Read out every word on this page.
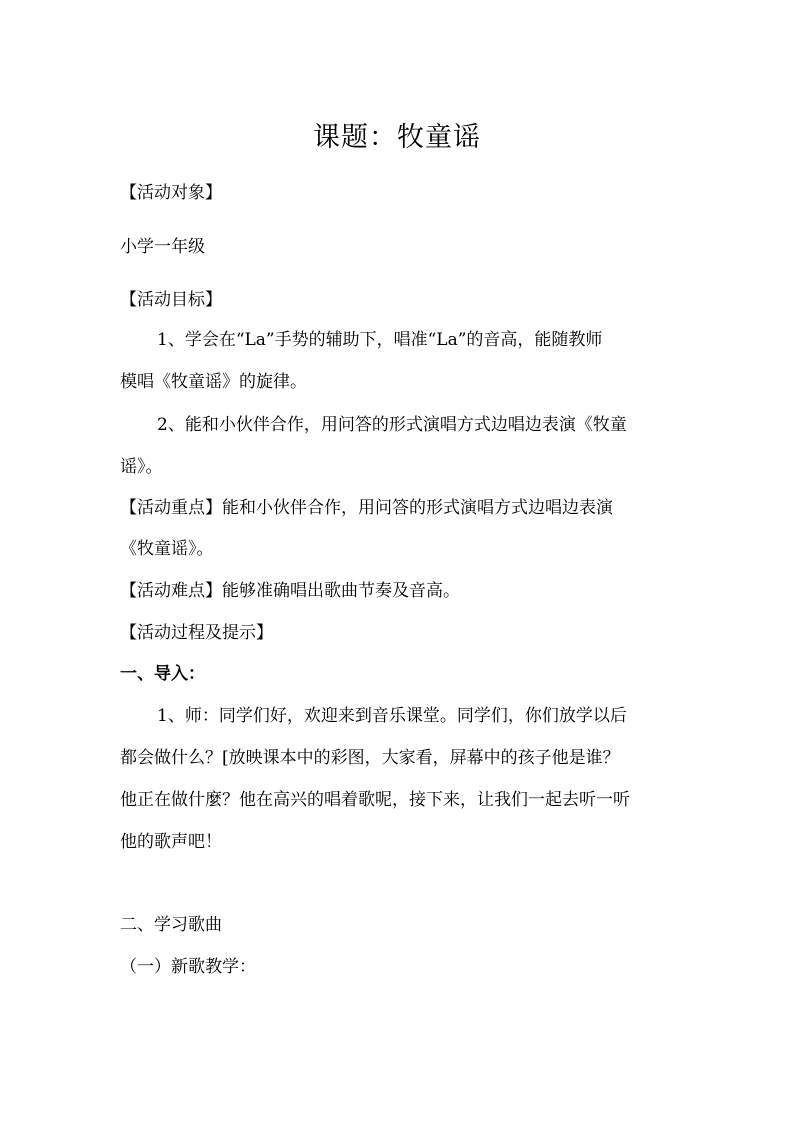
课题：牧童谣
【活动对象】
小学一年级
【活动目标】
1、学会在“La”手势的辅助下，唱准“La”的音高，能随教师
模唱《牧童谣》的旋律。
2、能和小伙伴合作，用问答的形式演唱方式边唱边表演《牧童
谣》。
【活动重点】能和小伙伴合作，用问答的形式演唱方式边唱边表演
《牧童谣》。
【活动难点】能够准确唱出歌曲节奏及音高。
【活动过程及提示】
一、导入：
1、师：同学们好，欢迎来到音乐课堂。同学们，你们放学以后
都会做什么？[放映课本中的彩图，大家看，屏幕中的孩子他是谁？
他正在做什麼？他在高兴的唱着歌呢，接下来，让我们一起去听一听
他的歌声吧！
二、学习歌曲
（一）新歌教学：
